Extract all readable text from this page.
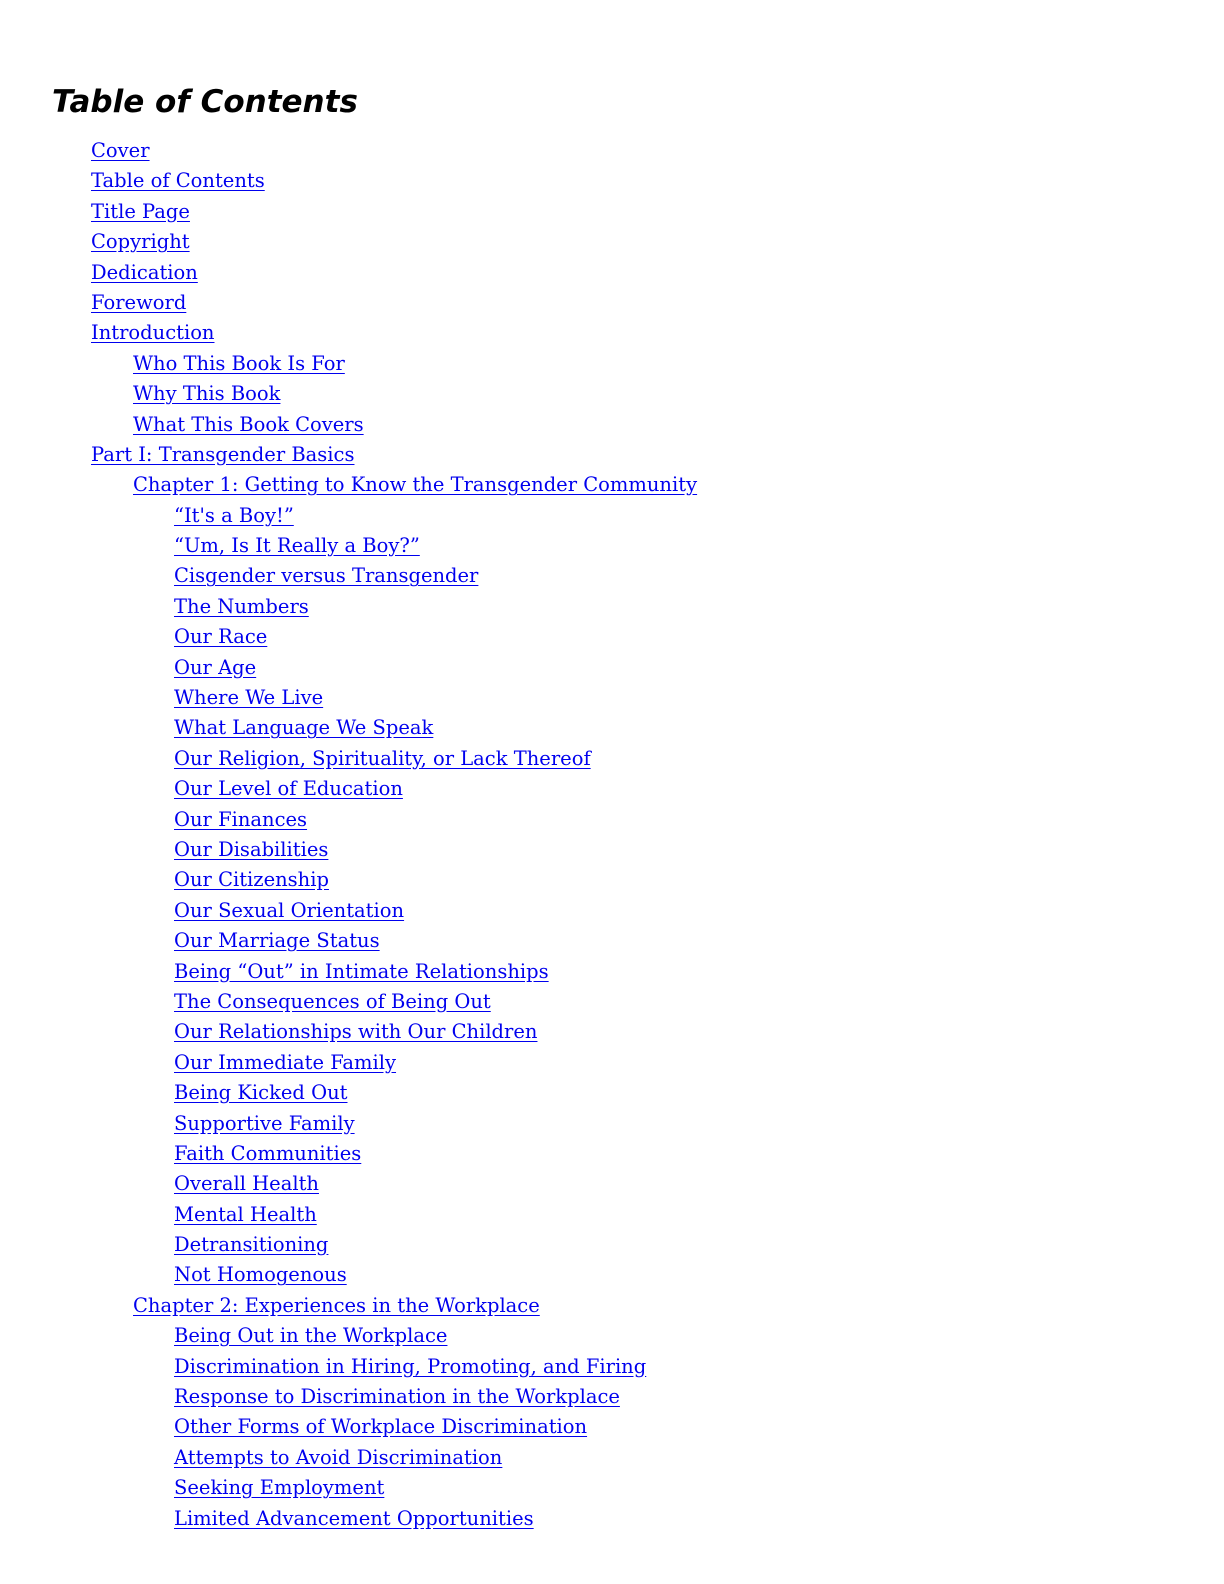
Table of Contents
Cover
Table of Contents
Title Page
Copyright
Dedication
Foreword
Introduction
Who This Book Is For
Why This Book
What This Book Covers
Part I: Transgender Basics
Chapter 1: Getting to Know the Transgender Community
“It's a Boy!”
“Um, Is It Really a Boy?”
Cisgender versus Transgender
The Numbers
Our Race
Our Age
Where We Live
What Language We Speak
Our Religion, Spirituality, or Lack Thereof
Our Level of Education
Our Finances
Our Disabilities
Our Citizenship
Our Sexual Orientation
Our Marriage Status
Being “Out” in Intimate Relationships
The Consequences of Being Out
Our Relationships with Our Children
Our Immediate Family
Being Kicked Out
Supportive Family
Faith Communities
Overall Health
Mental Health
Detransitioning
Not Homogenous
Chapter 2: Experiences in the Workplace
Being Out in the Workplace
Discrimination in Hiring, Promoting, and Firing
Response to Discrimination in the Workplace
Other Forms of Workplace Discrimination
Attempts to Avoid Discrimination
Seeking Employment
Limited Advancement Opportunities
